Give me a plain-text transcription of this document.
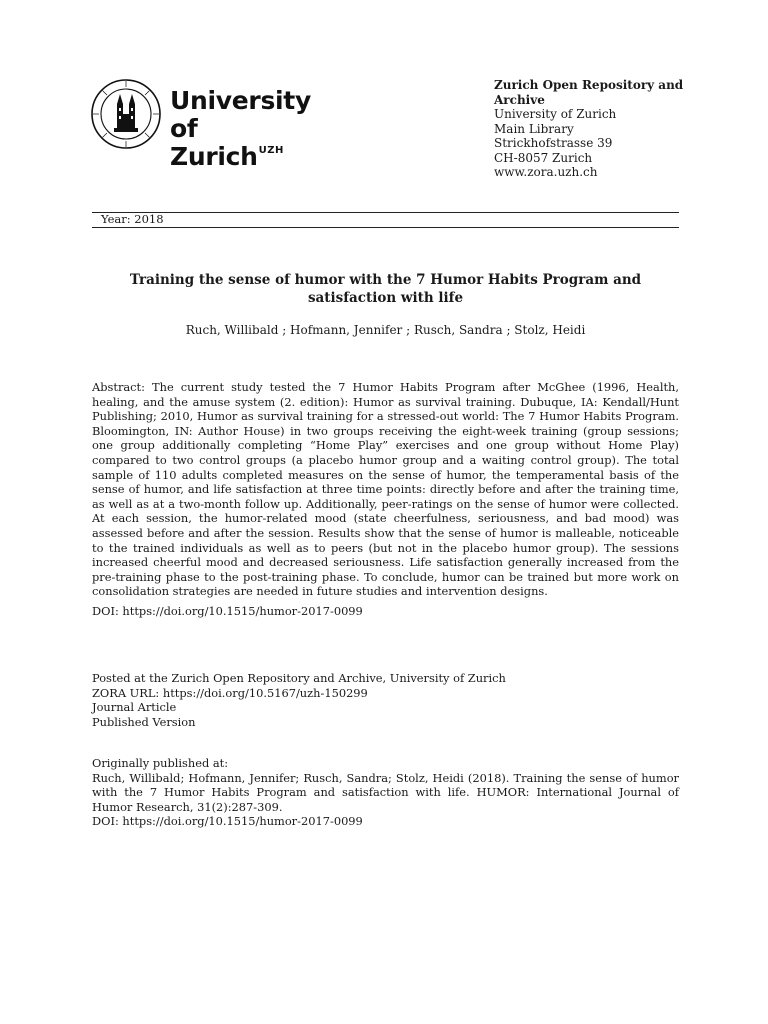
University of
Zurich$^{UZH}$
Zurich Open Repository and Archive
University of Zurich
Main Library
Strickhofstrasse 39
CH-8057 Zurich
www.zora.uzh.ch
Year: 2018
Training the sense of humor with the 7 Humor Habits Program and satisfaction with life
Ruch, Willibald ; Hofmann, Jennifer ; Rusch, Sandra ; Stolz, Heidi
Abstract: The current study tested the 7 Humor Habits Program after McGhee (1996, Health, healing, and the amuse system (2. edition): Humor as survival training. Dubuque, IA: Kendall/Hunt Publishing; 2010, Humor as survival training for a stressed-out world: The 7 Humor Habits Program. Bloomington, IN: Author House) in two groups receiving the eight-week training (group sessions; one group additionally completing “Home Play” exercises and one group without Home Play) compared to two control groups (a placebo humor group and a waiting control group). The total sample of 110 adults completed measures on the sense of humor, the temperamental basis of the sense of humor, and life satisfaction at three time points: directly before and after the training time, as well as at a two-month follow up. Additionally, peer-ratings on the sense of humor were collected. At each session, the humor-related mood (state cheerfulness, seriousness, and bad mood) was assessed before and after the session. Results show that the sense of humor is malleable, noticeable to the trained individuals as well as to peers (but not in the placebo humor group). The sessions increased cheerful mood and decreased seriousness. Life satisfaction generally increased from the pre-training phase to the post-training phase. To conclude, humor can be trained but more work on consolidation strategies are needed in future studies and intervention designs.
DOI: https://doi.org/10.1515/humor-2017-0099
Posted at the Zurich Open Repository and Archive, University of Zurich
ZORA URL: https://doi.org/10.5167/uzh-150299
Journal Article
Published Version
Originally published at:
Ruch, Willibald; Hofmann, Jennifer; Rusch, Sandra; Stolz, Heidi (2018). Training the sense of humor with the 7 Humor Habits Program and satisfaction with life. HUMOR: International Journal of Humor Research, 31(2):287-309.
DOI: https://doi.org/10.1515/humor-2017-0099
